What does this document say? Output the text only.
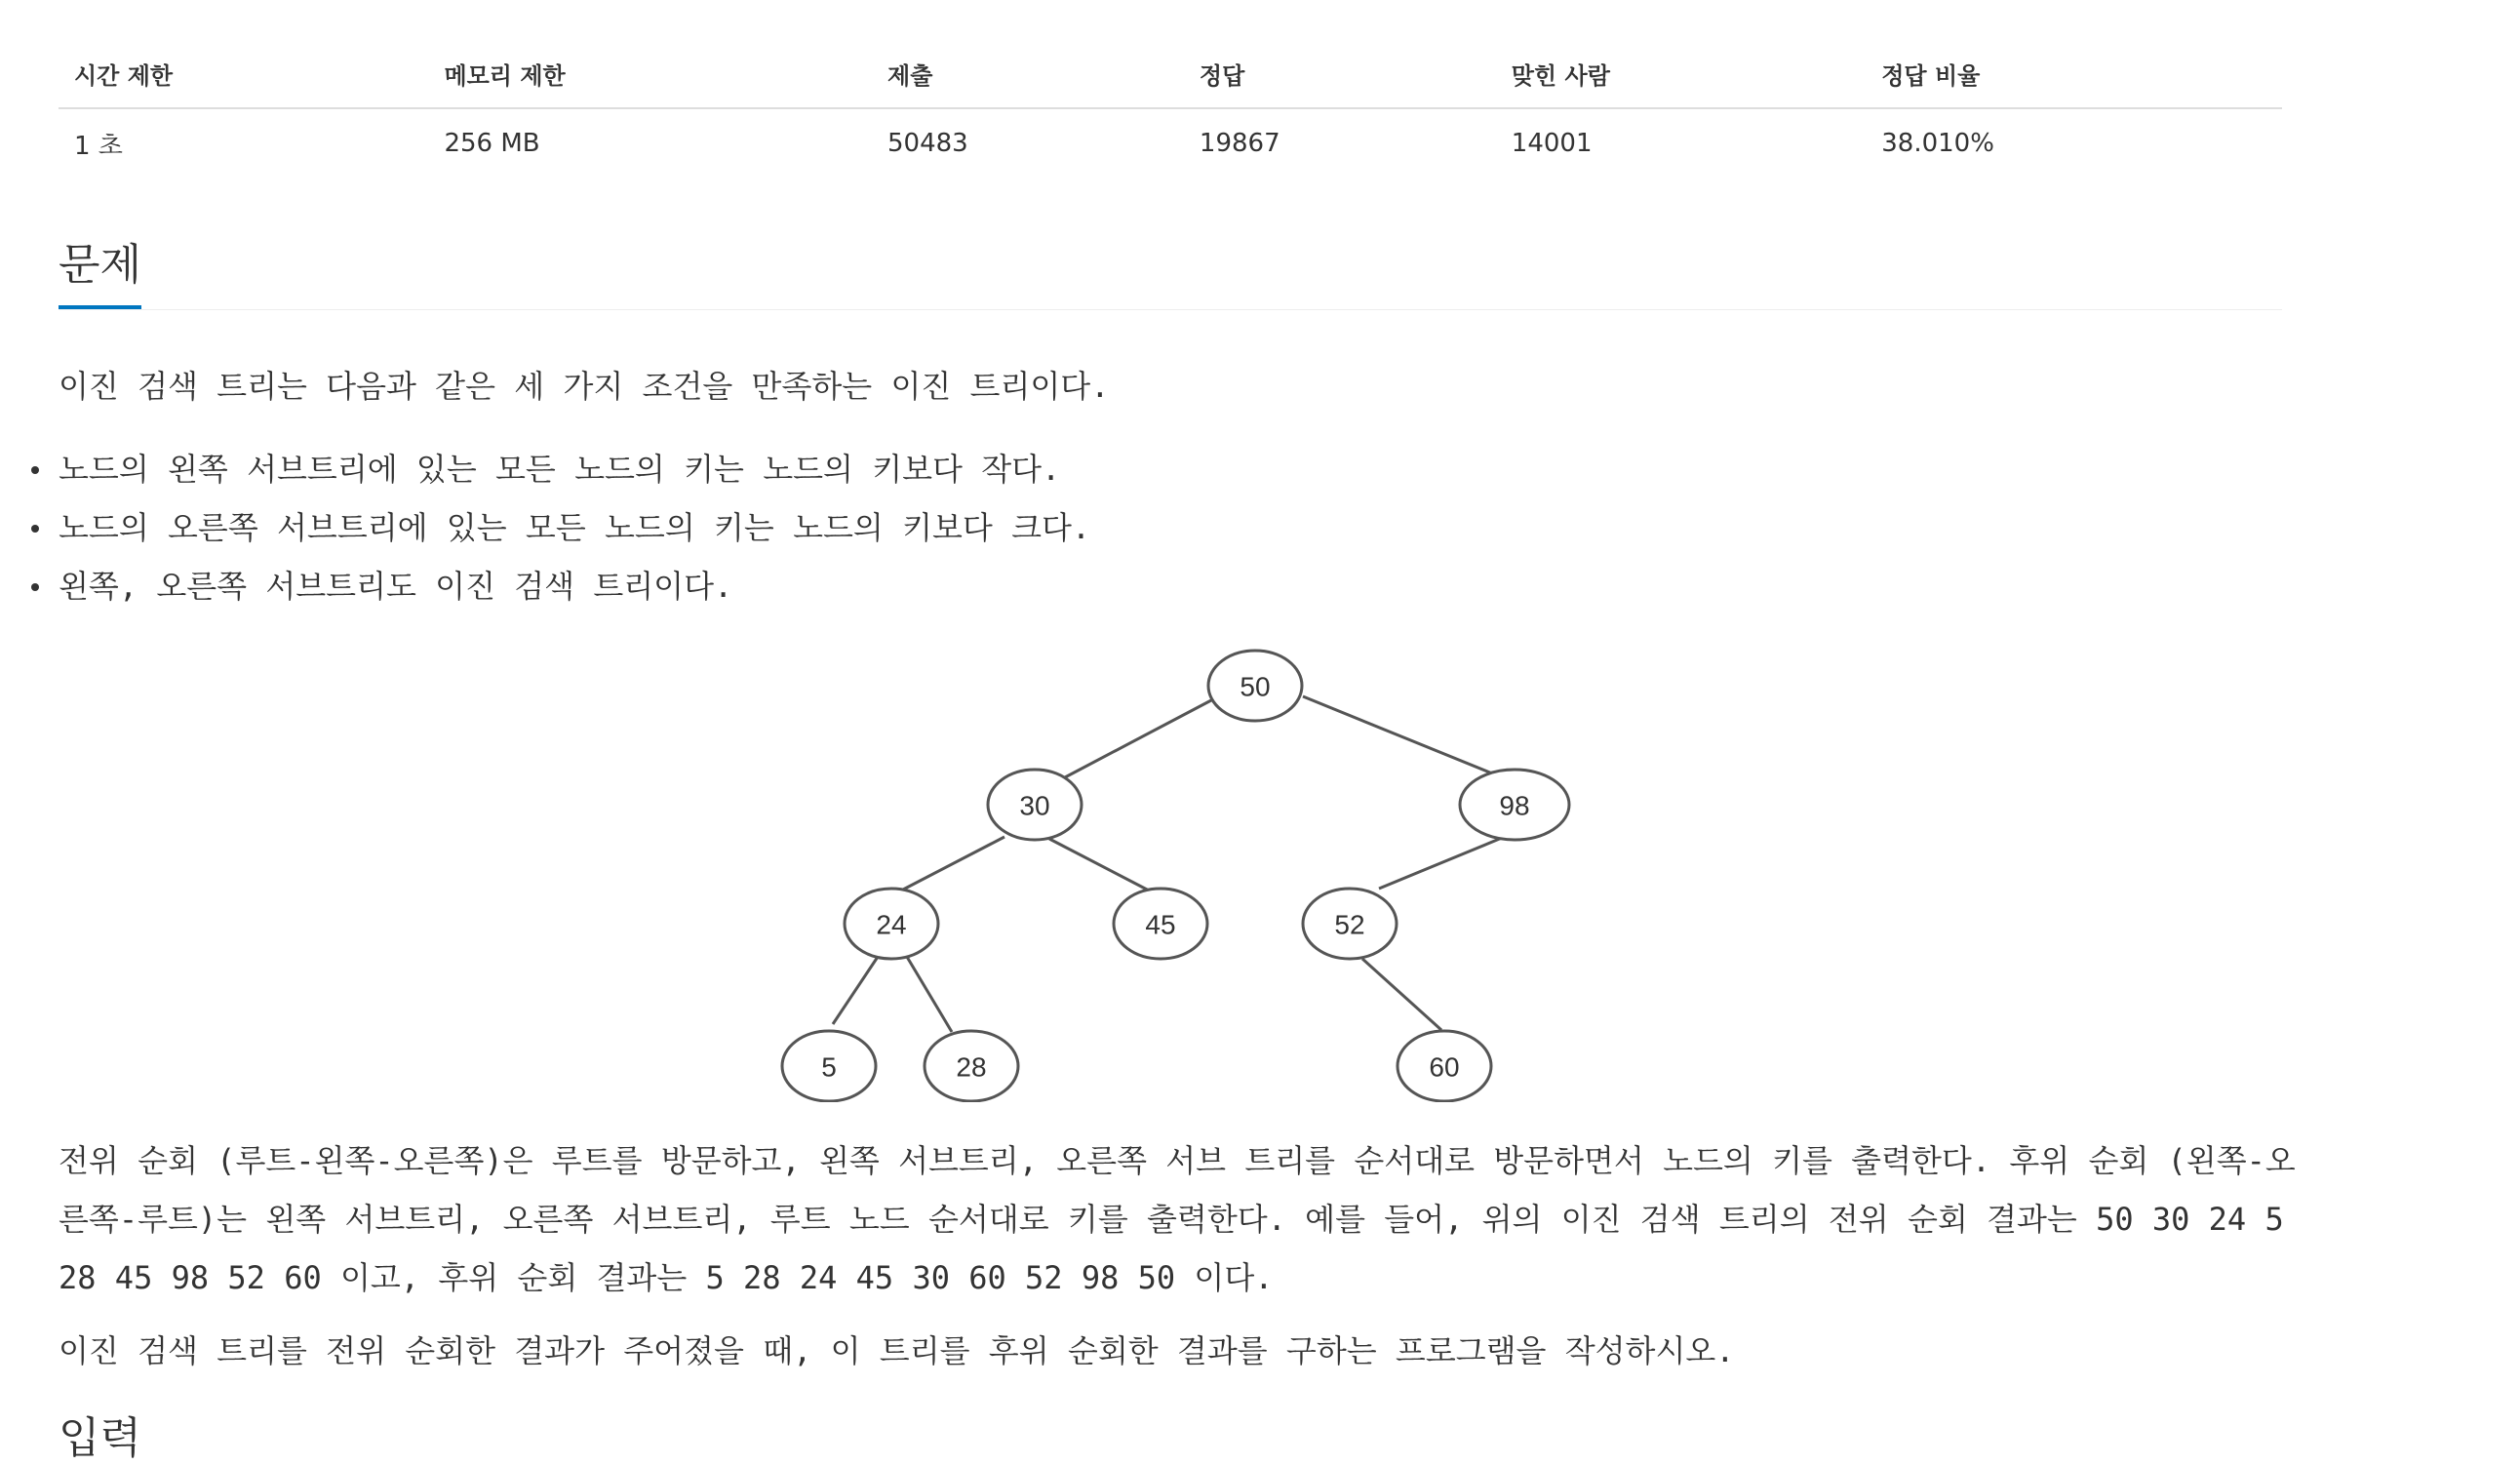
시간 제한	메모리 제한	제출	정답	맞힌 사람	정답 비율
1 초	256 MB	50483	19867	14001	38.010%
문제

이진 검색 트리는 다음과 같은 세 가지 조건을 만족하는 이진 트리이다.

노드의 왼쪽 서브트리에 있는 모든 노드의 키는 노드의 키보다 작다.
노드의 오른쪽 서브트리에 있는 모든 노드의 키는 노드의 키보다 크다.
왼쪽, 오른쪽 서브트리도 이진 검색 트리이다.
50
30	98
24	45	52
5	28	60

전위 순회 (루트-왼쪽-오른쪽)은 루트를 방문하고, 왼쪽 서브트리, 오른쪽 서브 트리를 순서대로 방문하면서 노드의 키를 출력한다. 후위 순회 (왼쪽-오른쪽-루트)는 왼쪽 서브트리, 오른쪽 서브트리, 루트 노드 순서대로 키를 출력한다. 예를 들어, 위의 이진 검색 트리의 전위 순회 결과는 50 30 24 5 28 45 98 52 60 이고, 후위 순회 결과는 5 28 24 45 30 60 52 98 50 이다.

이진 검색 트리를 전위 순회한 결과가 주어졌을 때, 이 트리를 후위 순회한 결과를 구하는 프로그램을 작성하시오.

입력
